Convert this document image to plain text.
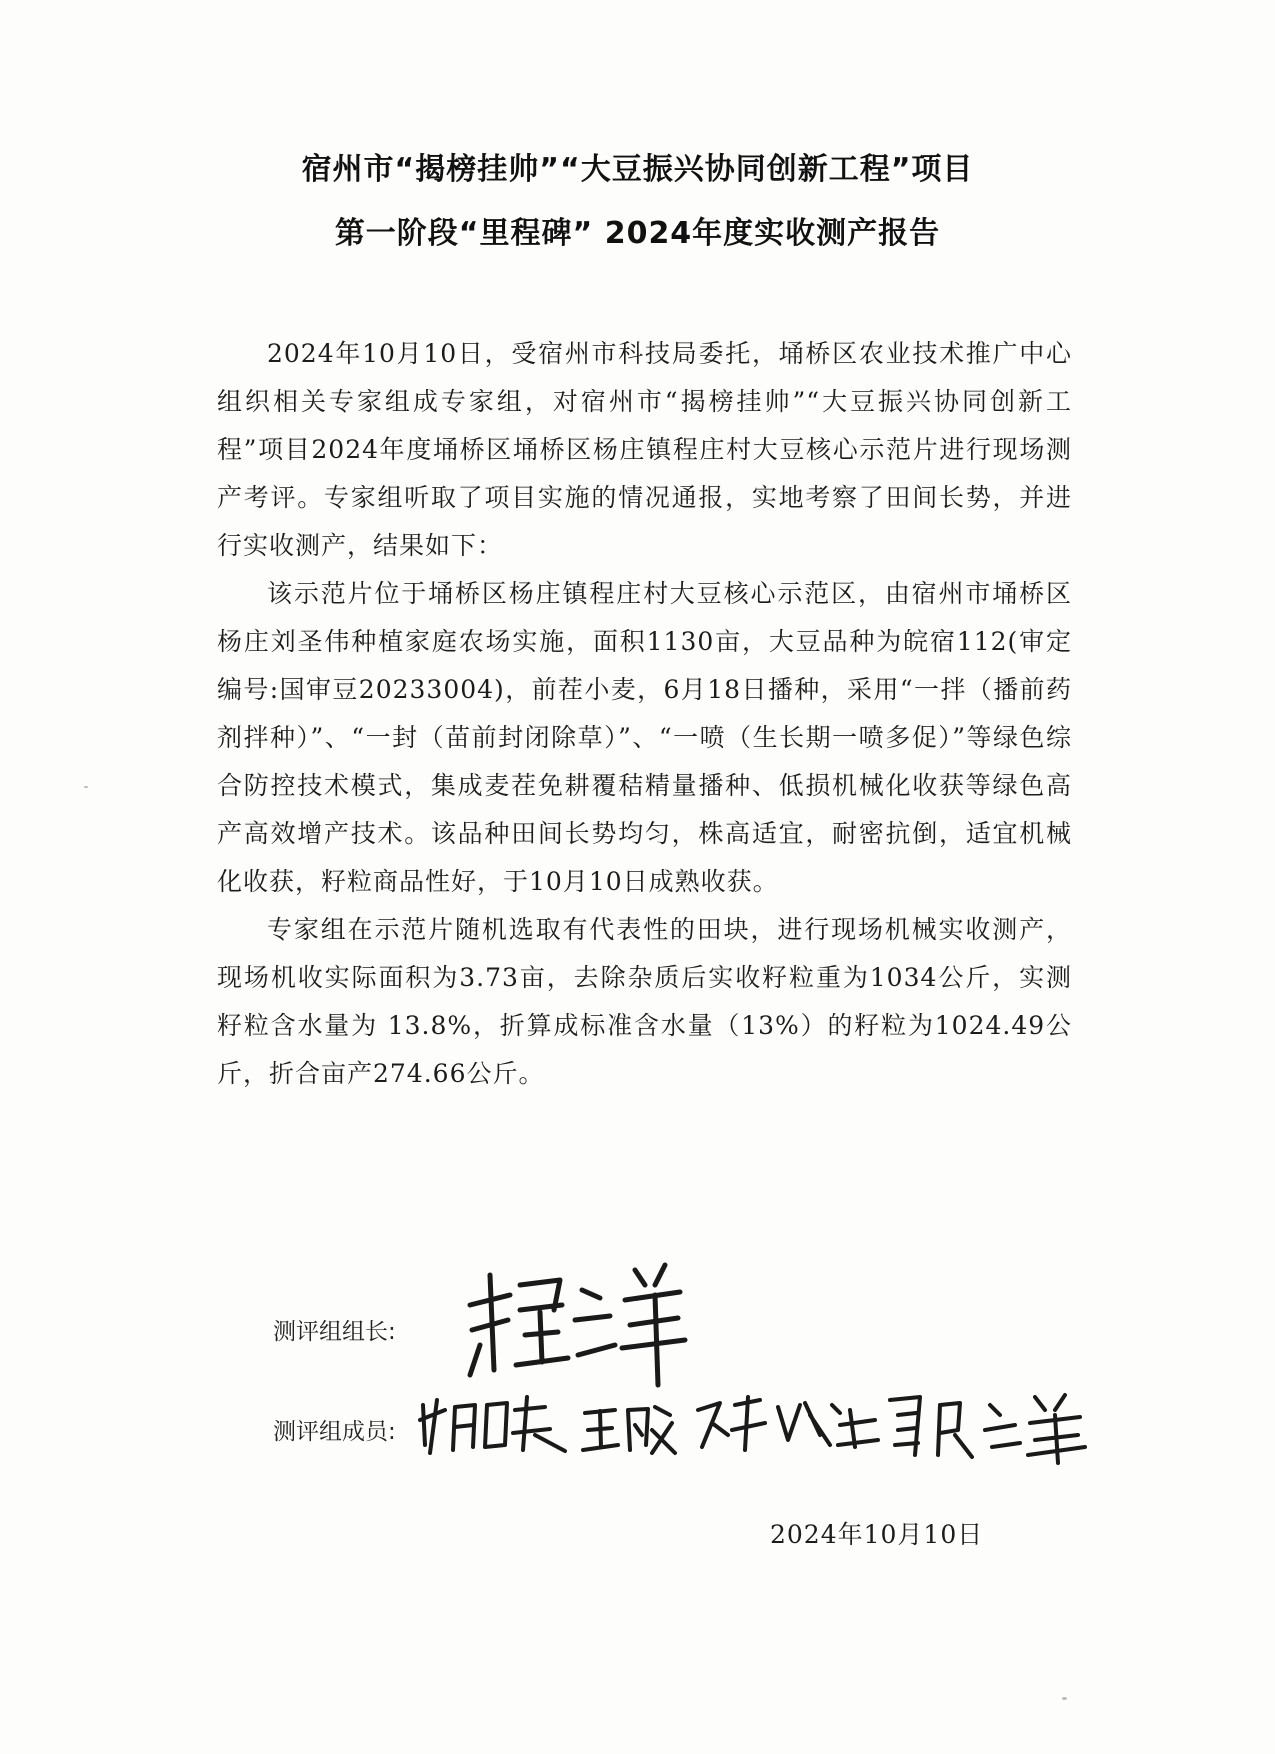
宿州市“揭榜挂帅”“大豆振兴协同创新工程”项目
第一阶段“里程碑” 2024年度实收测产报告

2024年10月10日，受宿州市科技局委托，埇桥区农业技术推广中心组织相关专家组成专家组，对宿州市“揭榜挂帅”“大豆振兴协同创新工程”项目2024年度埇桥区埇桥区杨庄镇程庄村大豆核心示范片进行现场测产考评。专家组听取了项目实施的情况通报，实地考察了田间长势，并进行实收测产，结果如下：

该示范片位于埇桥区杨庄镇程庄村大豆核心示范区，由宿州市埇桥区杨庄刘圣伟种植家庭农场实施，面积1130亩，大豆品种为皖宿112(审定编号:国审豆20233004)，前茬小麦，6月18日播种，采用“一拌（播前药剂拌种）”、“一封（苗前封闭除草）”、“一喷（生长期一喷多促）”等绿色综合防控技术模式，集成麦茬免耕覆秸精量播种、低损机械化收获等绿色高产高效增产技术。该品种田间长势均匀，株高适宜，耐密抗倒，适宜机械化收获，籽粒商品性好，于10月10日成熟收获。

专家组在示范片随机选取有代表性的田块，进行现场机械实收测产，现场机收实际面积为3.73亩，去除杂质后实收籽粒重为1034公斤，实测籽粒含水量为 13.8%，折算成标准含水量（13%）的籽粒为1024.49公斤，折合亩产274.66公斤。

测评组组长:
测评组成员:
2024年10月10日
